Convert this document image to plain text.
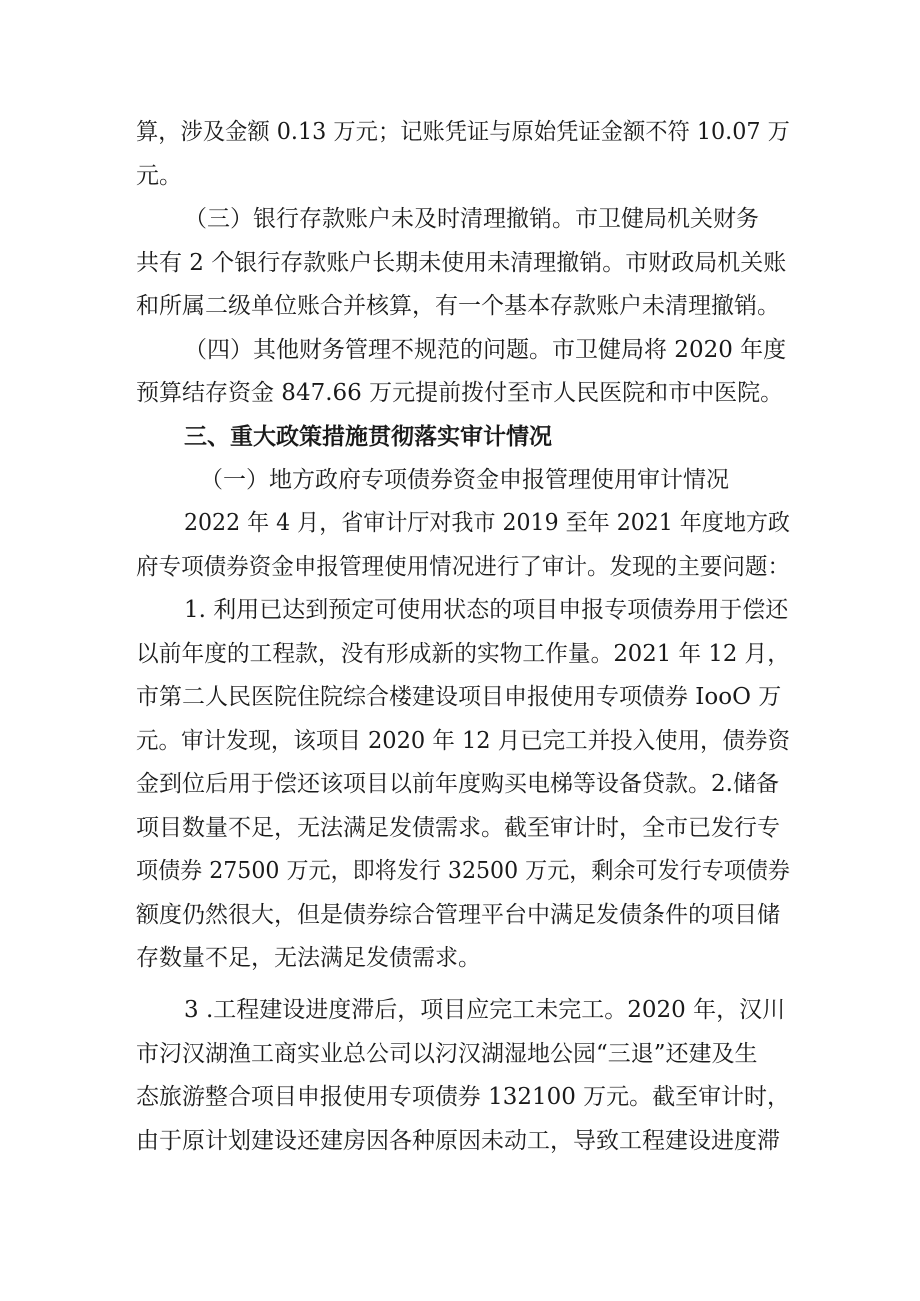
算，涉及金额 0.13 万元；记账凭证与原始凭证金额不符 10.07 万
元。
（三）银行存款账户未及时清理撤销。市卫健局机关财务
共有 2 个银行存款账户长期未使用未清理撤销。市财政局机关账
和所属二级单位账合并核算，有一个基本存款账户未清理撤销。
（四）其他财务管理不规范的问题。市卫健局将 2020 年度
预算结存资金 847.66 万元提前拨付至市人民医院和市中医院。
三、重大政策措施贯彻落实审计情况
（一）地方政府专项债券资金申报管理使用审计情况
2022 年 4 月，省审计厅对我市 2019 至年 2021 年度地方政
府专项债券资金申报管理使用情况进行了审计。发现的主要问题：
1. 利用已达到预定可使用状态的项目申报专项债券用于偿还
以前年度的工程款，没有形成新的实物工作量。2021 年 12 月，
市第二人民医院住院综合楼建设项目申报使用专项债券 IooO 万
元。审计发现，该项目 2020 年 12 月已完工并投入使用，债券资
金到位后用于偿还该项目以前年度购买电梯等设备贷款。2.储备
项目数量不足，无法满足发债需求。截至审计时，全市已发行专
项债券 27500 万元，即将发行 32500 万元，剩余可发行专项债券
额度仍然很大，但是债券综合管理平台中满足发债条件的项目储
存数量不足，无法满足发债需求。
3 .工程建设进度滞后，项目应完工未完工。2020 年，汉川
市汈汉湖渔工商实业总公司以汈汉湖湿地公园“三退”还建及生
态旅游整合项目申报使用专项债券 132100 万元。截至审计时，
由于原计划建设还建房因各种原因未动工，导致工程建设进度滞
